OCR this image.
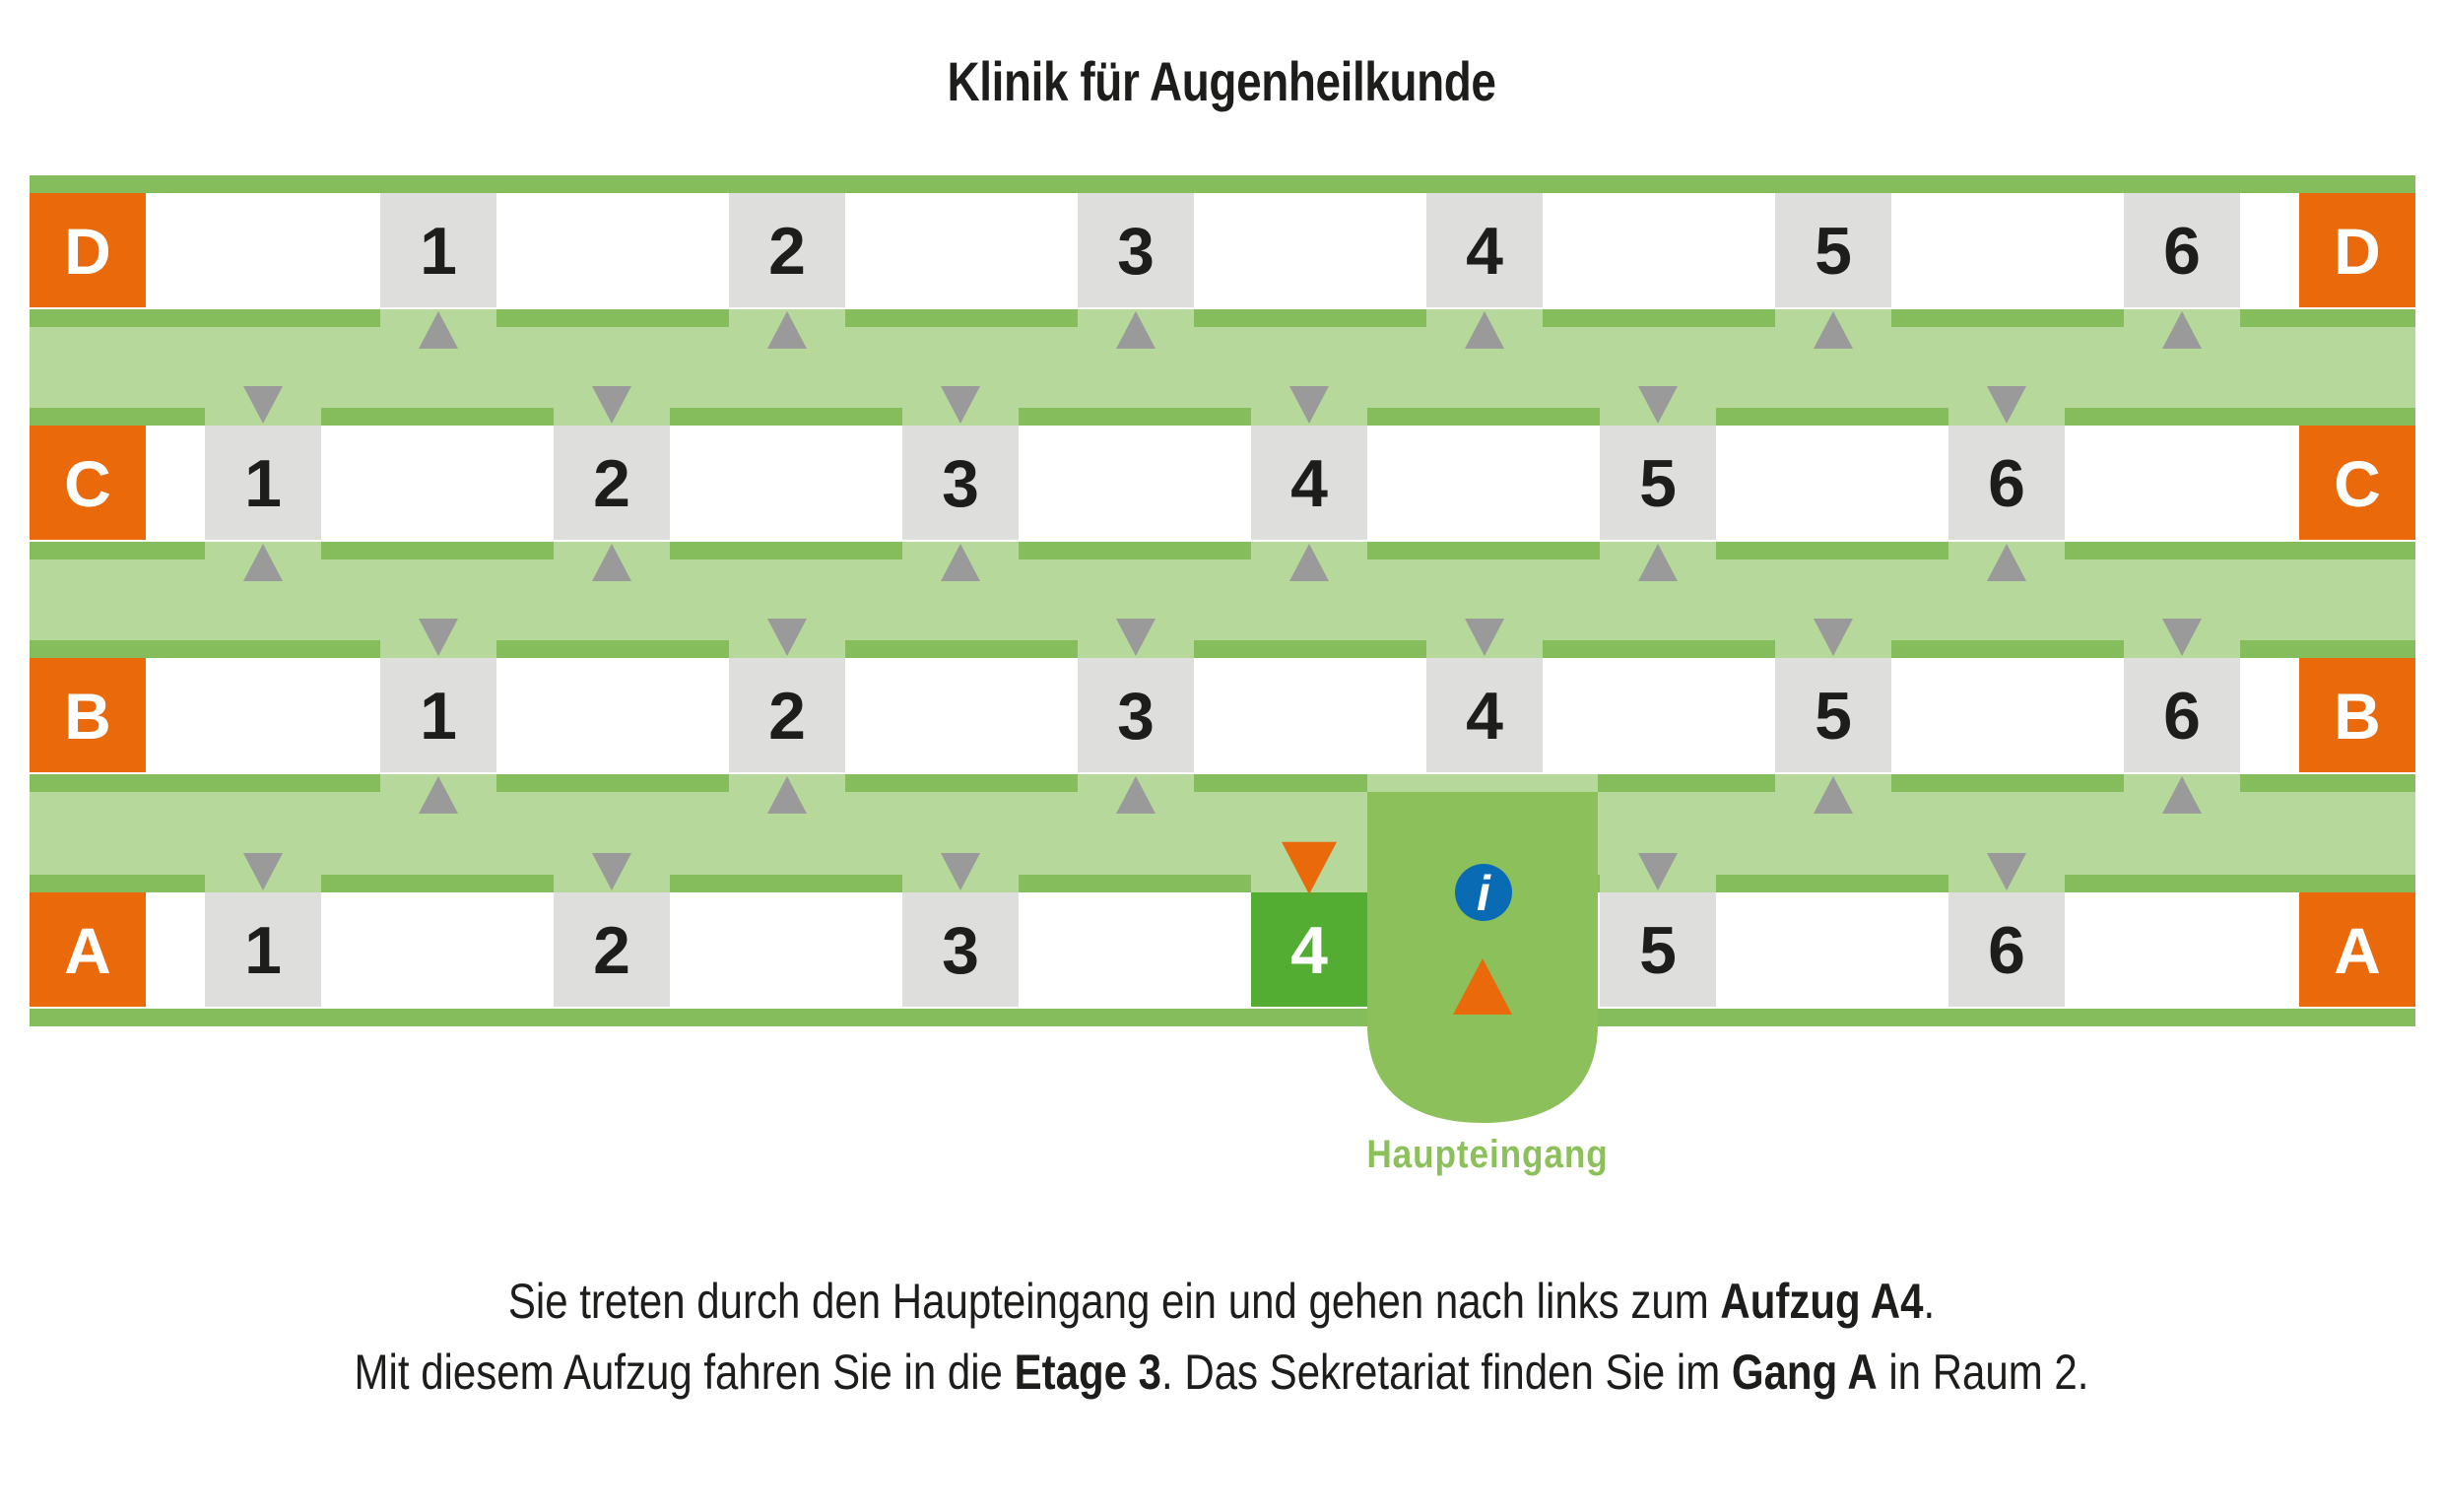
Klinik für Augenheilkunde
D	D
1	2	3	4	5	6
C	C
1	2	3	4	5	6
B	B
1	2	3	4	5	6
A	A
1	2	3	4	5	6
i
Haupteingang
Sie treten durch den Haupteingang ein und gehen nach links zum Aufzug A4.
Mit diesem Aufzug fahren Sie in die Etage 3. Das Sekretariat finden Sie im Gang A in Raum 2.
